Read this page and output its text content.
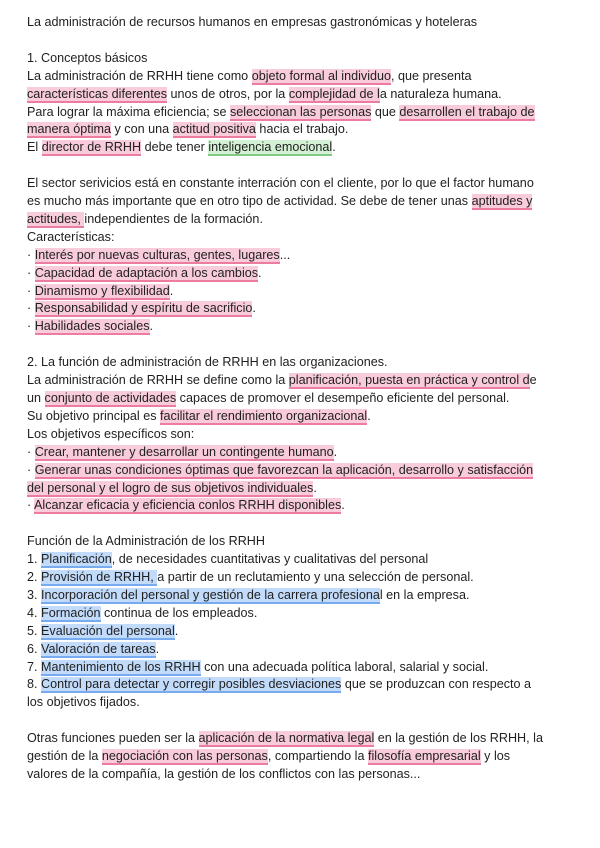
La administración de recursos humanos en empresas gastronómicas y hoteleras
1. Conceptos básicos
La administración de RRHH tiene como objeto formal al individuo, que presenta
características diferentes unos de otros, por la complejidad de la naturaleza humana.
Para lograr la máxima eficiencia; se seleccionan las personas que desarrollen el trabajo de
manera óptima y con una actitud positiva hacia el trabajo.
El director de RRHH debe tener inteligencia emocional.
El sector serivicios está en constante interración con el cliente, por lo que el factor humano
es mucho más importante que en otro tipo de actividad. Se debe de tener unas aptitudes y
actitudes, independientes de la formación.
Características:
· Interés por nuevas culturas, gentes, lugares...
· Capacidad de adaptación a los cambios.
· Dinamismo y flexibilidad.
· Responsabilidad y espíritu de sacrificio.
· Habilidades sociales.
2. La función de administración de RRHH en las organizaciones.
La administración de RRHH se define como la planificación, puesta en práctica y control de
un conjunto de actividades capaces de promover el desempeño eficiente del personal.
Su objetivo principal es facilitar el rendimiento organizacional.
Los objetivos específicos son:
· Crear, mantener y desarrollar un contingente humano.
· Generar unas condiciones óptimas que favorezcan la aplicación, desarrollo y satisfacción
del personal y el logro de sus objetivos individuales.
· Alcanzar eficacia y eficiencia conlos RRHH disponibles.
Función de la Administración de los RRHH
1. Planificación, de necesidades cuantitativas y cualitativas del personal
2. Provisión de RRHH, a partir de un reclutamiento y una selección de personal.
3. Incorporación del personal y gestión de la carrera profesional en la empresa.
4. Formación continua de los empleados.
5. Evaluación del personal.
6. Valoración de tareas.
7. Mantenimiento de los RRHH con una adecuada política laboral, salarial y social.
8. Control para detectar y corregir posibles desviaciones que se produzcan con respecto a
los objetivos fijados.
Otras funciones pueden ser la aplicación de la normativa legal en la gestión de los RRHH, la
gestión de la negociación con las personas, compartiendo la filosofía empresarial y los
valores de la compañía, la gestión de los conflictos con las personas...
